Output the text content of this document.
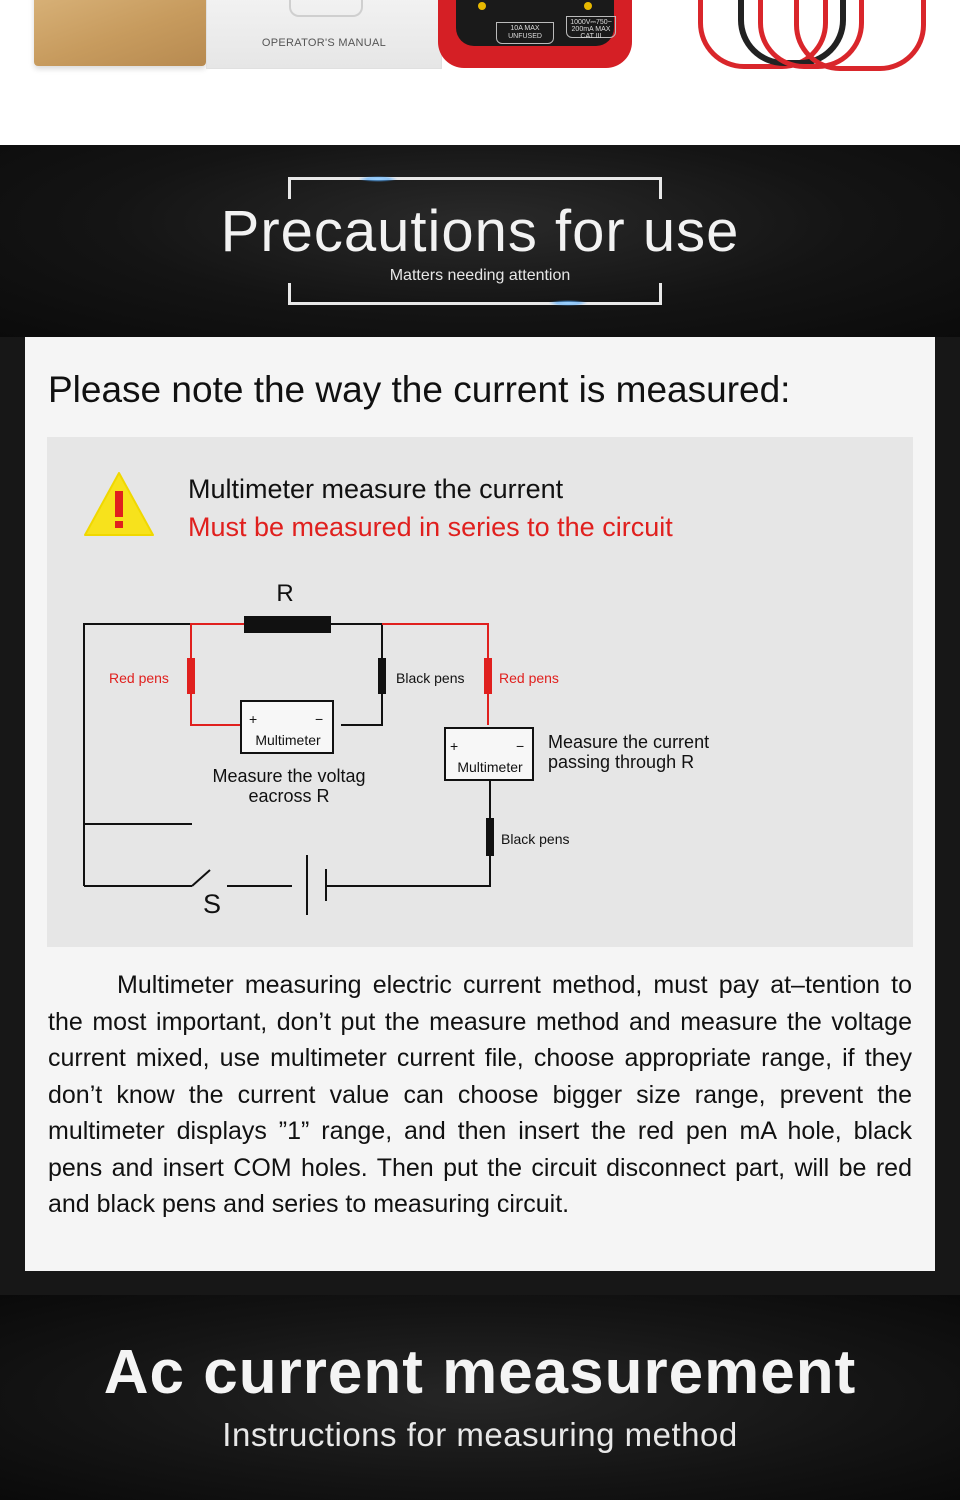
OPERATOR'S MANUAL
10A MAX UNFUSED
1000V⎓750~ 200mA MAX CAT III
Precautions for use
Matters needing attention
Please note the way the current is measured:
Multimeter measure the current
Must be measured in series to the circuit
R
S
Red pens	Black pens Red pens
Black pens
+	−
Multimeter	+	−
Multimeter
Measure the voltag
eacross R
Measure the current
passing through R
Multimeter measuring electric current method, must pay at–tention to the most important, don’t put the measure method and measure the voltage current mixed, use multimeter current file, choose appropriate range, if they don’t know the current value can choose bigger size range, prevent the multimeter displays ”1” range, and then insert the red pen mA hole, black pens and insert COM holes. Then put the circuit disconnect part, will be red and black pens and series to measuring circuit.
Ac current measurement
Instructions for measuring method
